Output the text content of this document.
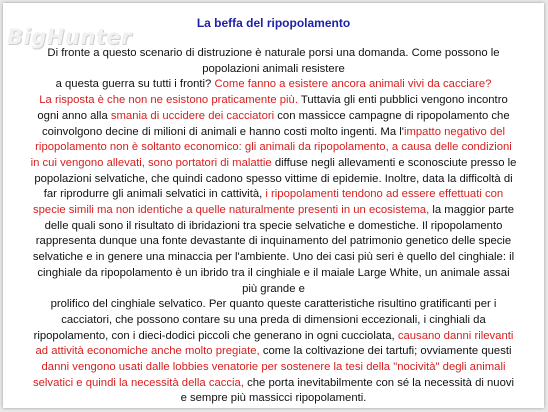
BigHunter
La beffa del ripopolamento

Di fronte a questo scenario di distruzione è naturale porsi una domanda. Come possono le

popolazioni animali resistere

a questa guerra su tutti i fronti? Come fanno a esistere ancora animali vivi da cacciare?

La risposta è che non ne esistono praticamente più. Tuttavia gli enti pubblici vengono incontro

ogni anno alla smania di uccidere dei cacciatori con massicce campagne di ripopolamento che

coinvolgono decine di milioni di animali e hanno costi molto ingenti. Ma l'impatto negativo del

ripopolamento non è soltanto economico: gli animali da ripopolamento, a causa delle condizioni

in cui vengono allevati, sono portatori di malattie diffuse negli allevamenti e sconosciute presso le

popolazioni selvatiche, che quindi cadono spesso vittime di epidemie. Inoltre, data la difficoltà di

far riprodurre gli animali selvatici in cattività, i ripopolamenti tendono ad essere effettuati con

specie simili ma non identiche a quelle naturalmente presenti in un ecosistema, la maggior parte

delle quali sono il risultato di ibridazioni tra specie selvatiche e domestiche. Il ripopolamento

rappresenta dunque una fonte devastante di inquinamento del patrimonio genetico delle specie

selvatiche e in genere una minaccia per l'ambiente. Uno dei casi più seri è quello del cinghiale: il

cinghiale da ripopolamento è un ibrido tra il cinghiale e il maiale Large White, un animale assai

più grande e

prolifico del cinghiale selvatico. Per quanto queste caratteristiche risultino gratificanti per i

cacciatori, che possono contare su una preda di dimensioni eccezionali, i cinghiali da

ripopolamento, con i dieci-dodici piccoli che generano in ogni cucciolata, causano danni rilevanti

ad attività economiche anche molto pregiate, come la coltivazione dei tartufi; ovviamente questi

danni vengono usati dalle lobbies venatorie per sostenere la tesi della "nocività" degli animali

selvatici e quindi la necessità della caccia, che porta inevitabilmente con sé la necessità di nuovi

e sempre più massicci ripopolamenti.
